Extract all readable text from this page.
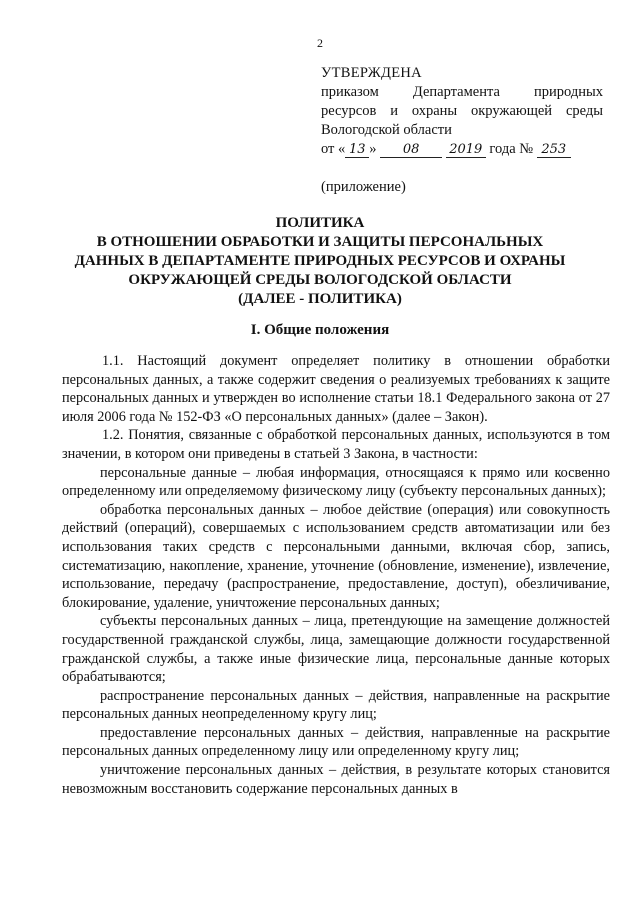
2
УТВЕРЖДЕНА
приказом Департамента природных
ресурсов и охраны окружающей среды
Вологодской области
от « 13 » 08 2019 года № 253
(приложение)
ПОЛИТИКА
В ОТНОШЕНИИ ОБРАБОТКИ И ЗАЩИТЫ ПЕРСОНАЛЬНЫХ
ДАННЫХ В ДЕПАРТАМЕНТЕ ПРИРОДНЫХ РЕСУРСОВ И ОХРАНЫ
ОКРУЖАЮЩЕЙ СРЕДЫ ВОЛОГОДСКОЙ ОБЛАСТИ
(ДАЛЕЕ - ПОЛИТИКА)
I. Общие положения

1.1. Настоящий документ определяет политику в отношении обработки персональных данных, а также содержит сведения о реализуемых требованиях к защите персональных данных и утвержден во исполнение статьи 18.1 Федерального закона от 27 июля 2006 года № 152-ФЗ «О персональных данных» (далее – Закон).

1.2. Понятия, связанные с обработкой персональных данных, используются в том значении, в котором они приведены в статьей 3 Закона, в частности:

персональные данные – любая информация, относящаяся к прямо или косвенно определенному или определяемому физическому лицу (субъекту персональных данных);

обработка персональных данных – любое действие (операция) или совокупность действий (операций), совершаемых с использованием средств автоматизации или без использования таких средств с персональными данными, включая сбор, запись, систематизацию, накопление, хранение, уточнение (обновление, изменение), извлечение, использование, передачу (распространение, предоставление, доступ), обезличивание, блокирование, удаление, уничтожение персональных данных;

субъекты персональных данных – лица, претендующие на замещение должностей государственной гражданской службы, лица, замещающие должности государственной гражданской службы, а также иные физические лица, персональные данные которых обрабатываются;

распространение персональных данных – действия, направленные на раскрытие персональных данных неопределенному кругу лиц;

предоставление персональных данных – действия, направленные на раскрытие персональных данных определенному лицу или определенному кругу лиц;

уничтожение персональных данных – действия, в результате которых становится невозможным восстановить содержание персональных данных в
